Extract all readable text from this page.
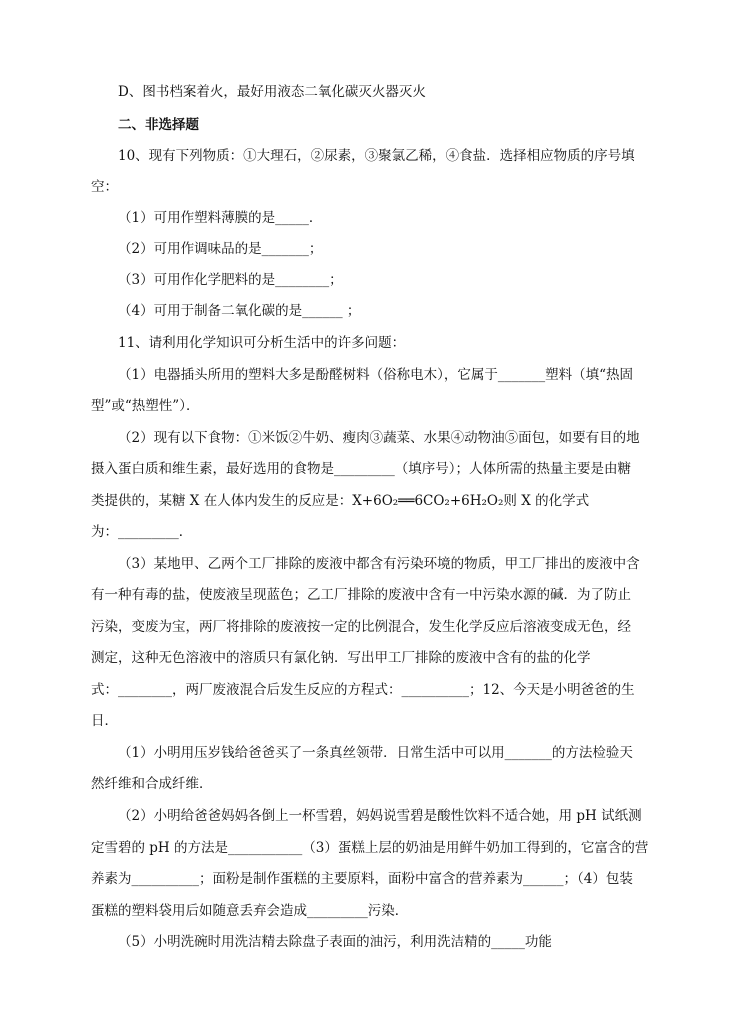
D、图书档案着火，最好用液态二氧化碳灭火器灭火
二、非选择题
10、现有下列物质：①大理石，②尿素，③聚氯乙稀，④食盐．选择相应物质的序号填
空：
（1）可用作塑料薄膜的是_____．
（2）可用作调味品的是_______；
（3）可用作化学肥料的是________；
（4）可用于制备二氧化碳的是______ ；
11、请利用化学知识可分析生活中的许多问题：
（1）电器插头所用的塑料大多是酚醛树料（俗称电木），它属于_______塑料（填“热固
型”或“热塑性”）．
（2）现有以下食物：①米饭②牛奶、瘦肉③蔬菜、水果④动物油⑤面包，如要有目的地
摄入蛋白质和维生素，最好选用的食物是_________（填序号）；人体所需的热量主要是由糖
类提供的，某糖 X 在人体内发生的反应是：X+6O₂══6CO₂+6H₂O₂则 X 的化学式
为：_________．
（3）某地甲、乙两个工厂排除的废液中都含有污染环境的物质，甲工厂排出的废液中含
有一种有毒的盐，使废液呈现蓝色；乙工厂排除的废液中含有一中污染水源的碱．为了防止
污染，变废为宝，两厂将排除的废液按一定的比例混合，发生化学反应后溶液变成无色，经
测定，这种无色溶液中的溶质只有氯化钠．写出甲工厂排除的废液中含有的盐的化学
式：________，两厂废液混合后发生反应的方程式：__________；12、今天是小明爸爸的生
日．
（1）小明用压岁钱给爸爸买了一条真丝领带．日常生活中可以用_______的方法检验天
然纤维和合成纤维．
（2）小明给爸爸妈妈各倒上一杯雪碧，妈妈说雪碧是酸性饮料不适合她，用 pH 试纸测
定雪碧的 pH 的方法是___________（3）蛋糕上层的奶油是用鲜牛奶加工得到的，它富含的营
养素为__________；面粉是制作蛋糕的主要原料，面粉中富含的营养素为______；（4）包装
蛋糕的塑料袋用后如随意丢弃会造成_________污染．
（5）小明洗碗时用洗洁精去除盘子表面的油污，利用洗洁精的_____功能
